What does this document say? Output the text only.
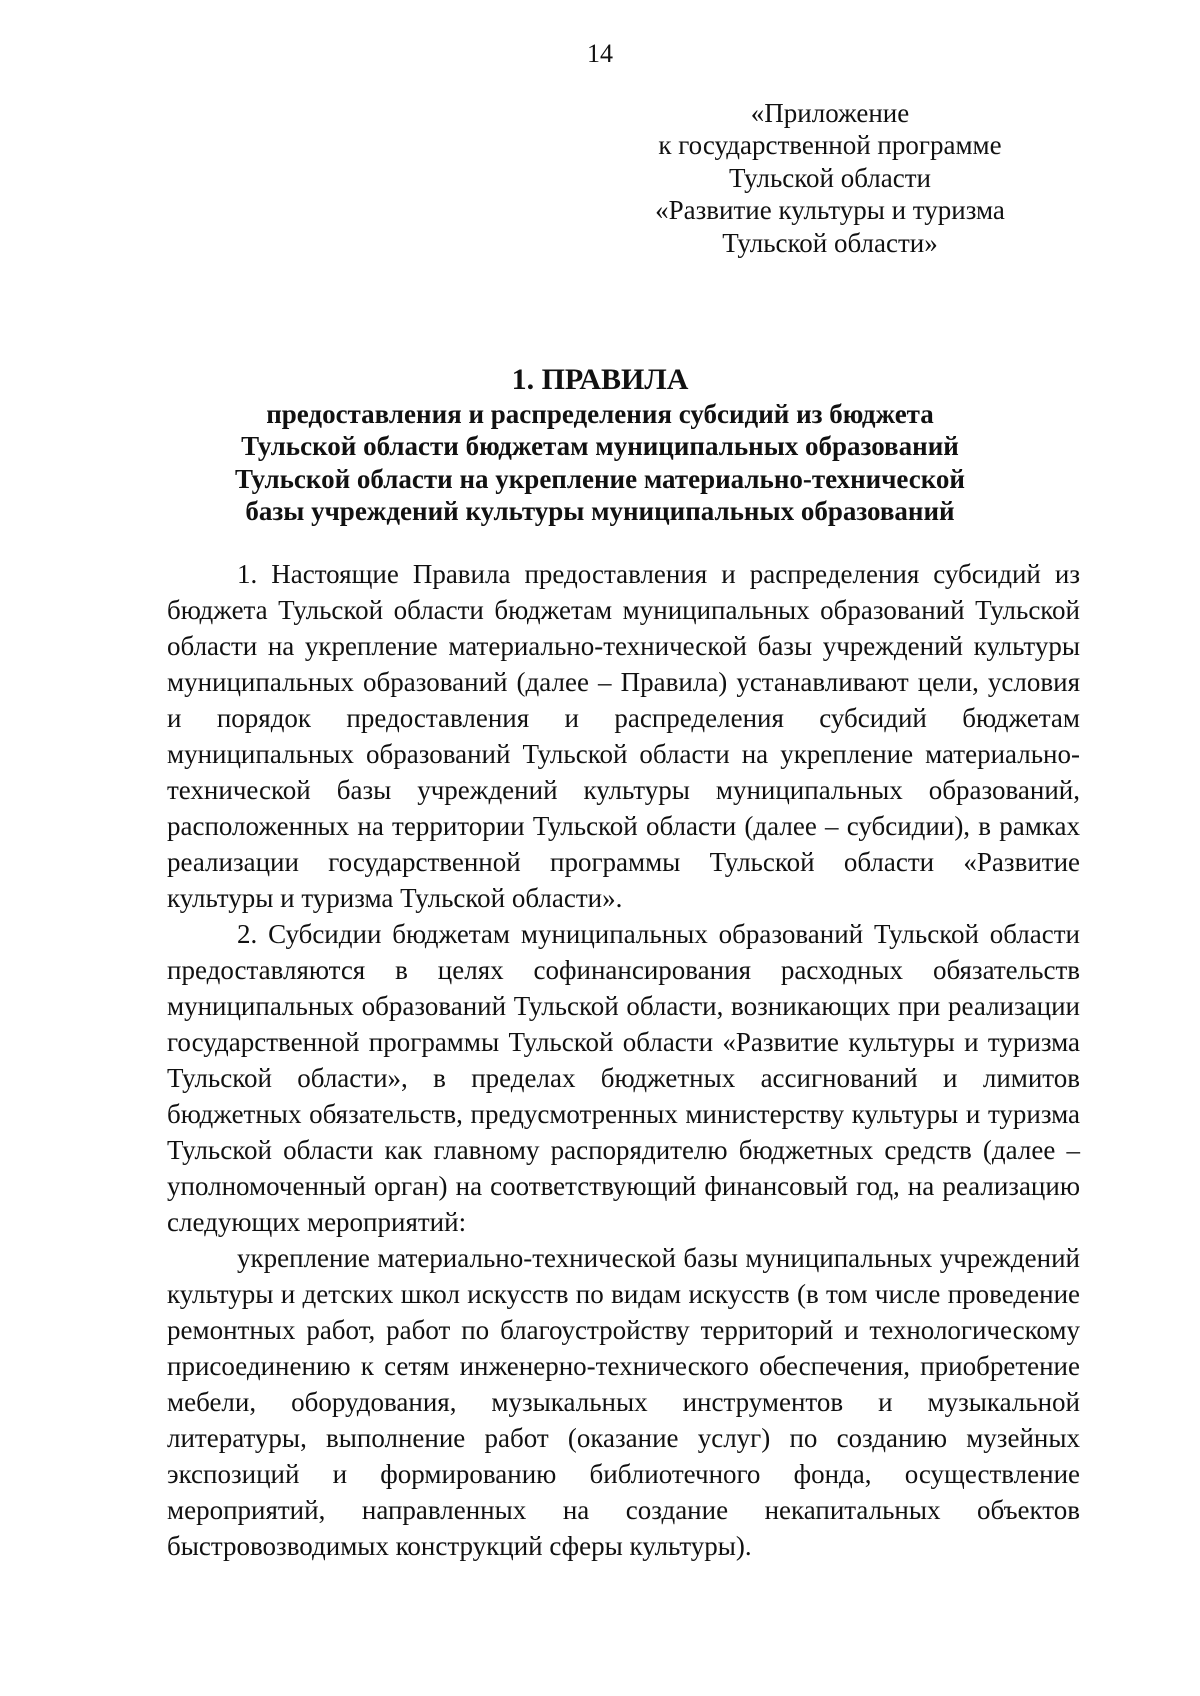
14
«Приложение
к государственной программе
Тульской области
«Развитие культуры и туризма
Тульской области»
1. ПРАВИЛА
предоставления и распределения субсидий из бюджета
Тульской области бюджетам муниципальных образований
Тульской области на укрепление материально-технической
базы учреждений культуры муниципальных образований

1. Настоящие Правила предоставления и распределения субсидий из бюджета Тульской области бюджетам муниципальных образований Тульской области на укрепление материально-технической базы учреждений культуры муниципальных образований (далее – Правила) устанавливают цели, условия и порядок предоставления и распределения субсидий бюджетам муниципальных образований Тульской области на укрепление материально-технической базы учреждений культуры муниципальных образований, расположенных на территории Тульской области (далее – субсидии), в рамках реализации государственной программы Тульской области «Развитие культуры и туризма Тульской области».

2. Субсидии бюджетам муниципальных образований Тульской области предоставляются в целях софинансирования расходных обязательств муниципальных образований Тульской области, возникающих при реализации государственной программы Тульской области «Развитие культуры и туризма Тульской области», в пределах бюджетных ассигнований и лимитов бюджетных обязательств, предусмотренных министерству культуры и туризма Тульской области как главному распорядителю бюджетных средств (далее – уполномоченный орган) на соответствующий финансовый год, на реализацию следующих мероприятий:

укрепление материально-технической базы муниципальных учреждений культуры и детских школ искусств по видам искусств (в том числе проведение ремонтных работ, работ по благоустройству территорий и технологическому присоединению к сетям инженерно-технического обеспечения, приобретение мебели, оборудования, музыкальных инструментов и музыкальной литературы, выполнение работ (оказание услуг) по созданию музейных экспозиций и формированию библиотечного фонда, осуществление мероприятий, направленных на создание некапитальных объектов быстровозводимых конструкций сферы культуры).
